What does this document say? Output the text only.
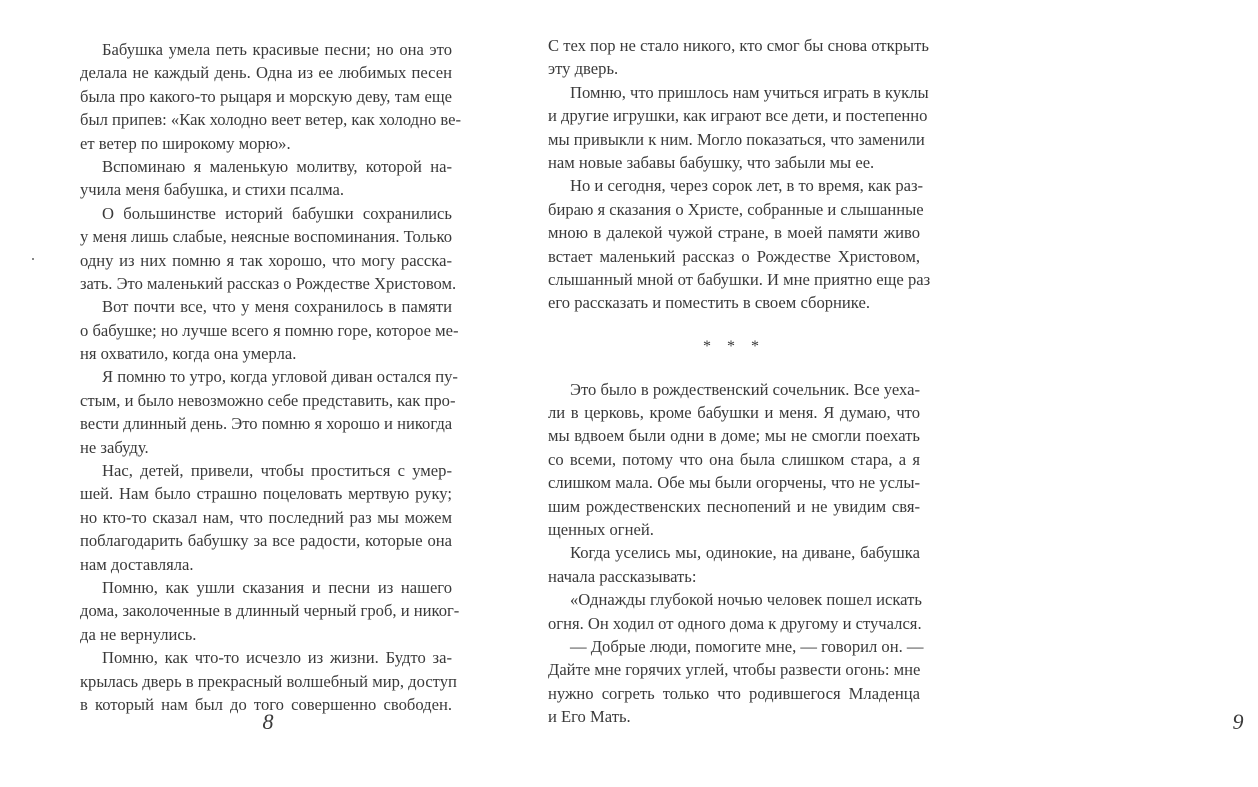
Бабушка умела петь красивые песни; но она это
делала не каждый день. Одна из ее любимых песен
была про какого-то рыцаря и морскую деву, там еще
был припев: «Как холодно веет ветер, как холодно ве-
ет ветер по широкому морю».
Вспоминаю я маленькую молитву, которой на-
учила меня бабушка, и стихи псалма.
О большинстве историй бабушки сохранились
у меня лишь слабые, неясные воспоминания. Только
одну из них помню я так хорошо, что могу расска-
зать. Это маленький рассказ о Рождестве Христовом.
Вот почти все, что у меня сохранилось в памяти
о бабушке; но лучше всего я помню горе, которое ме-
ня охватило, когда она умерла.
Я помню то утро, когда угловой диван остался пу-
стым, и было невозможно себе представить, как про-
вести длинный день. Это помню я хорошо и никогда
не забуду.
Нас, детей, привели, чтобы проститься с умер-
шей. Нам было страшно поцеловать мертвую руку;
но кто-то сказал нам, что последний раз мы можем
поблагодарить бабушку за все радости, которые она
нам доставляла.
Помню, как ушли сказания и песни из нашего
дома, заколоченные в длинный черный гроб, и никог-
да не вернулись.
Помню, как что-то исчезло из жизни. Будто за-
крылась дверь в прекрасный волшебный мир, доступ
в который нам был до того совершенно свободен.
8	9
С тех пор не стало никого, кто смог бы снова открыть
эту дверь.
Помню, что пришлось нам учиться играть в куклы
и другие игрушки, как играют все дети, и постепенно
мы привыкли к ним. Могло показаться, что заменили
нам новые забавы бабушку, что забыли мы ее.
Но и сегодня, через сорок лет, в то время, как раз-
бираю я сказания о Христе, собранные и слышанные
мною в далекой чужой стране, в моей памяти живо
встает маленький рассказ о Рождестве Христовом,
слышанный мной от бабушки. И мне приятно еще раз
его рассказать и поместить в своем сборнике.
* * *
Это было в рождественский сочельник. Все уеха-
ли в церковь, кроме бабушки и меня. Я думаю, что
мы вдвоем были одни в доме; мы не смогли поехать
со всеми, потому что она была слишком стара, а я
слишком мала. Обе мы были огорчены, что не услы-
шим рождественских песнопений и не увидим свя-
щенных огней.
Когда уселись мы, одинокие, на диване, бабушка
начала рассказывать:
«Однажды глубокой ночью человек пошел искать
огня. Он ходил от одного дома к другому и стучался.
— Добрые люди, помогите мне, — говорил он. —
Дайте мне горячих углей, чтобы развести огонь: мне
нужно согреть только что родившегося Младенца
и Его Мать.
